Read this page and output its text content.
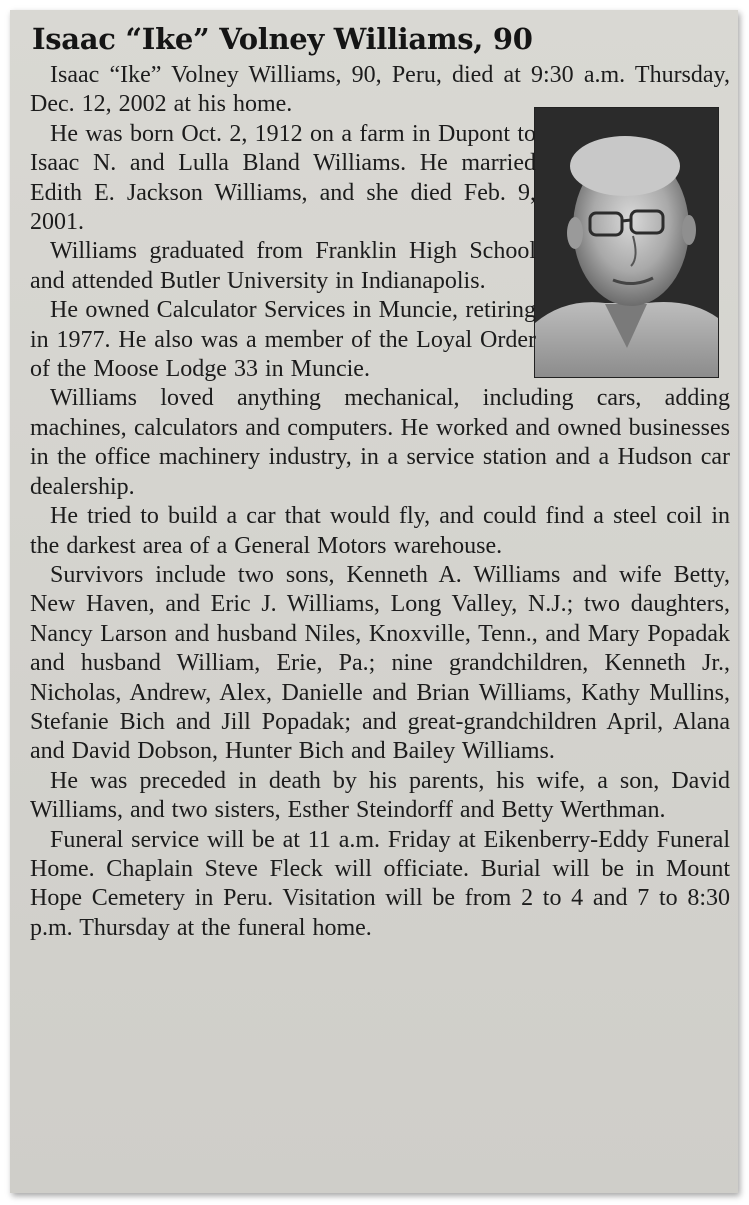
Isaac “Ike” Volney Williams, 90

Isaac “Ike” Volney Williams, 90, Peru, died at 9:30 a.m. Thursday, Dec. 12, 2002 at his home.

He was born Oct. 2, 1912 on a farm in Dupont to Isaac N. and Lulla Bland Williams. He married Edith E. Jackson Williams, and she died Feb. 9, 2001.

Williams graduated from Franklin High School and attended Butler University in Indianapolis.

He owned Calculator Services in Muncie, retiring in 1977. He also was a member of the Loyal Order of the Moose Lodge 33 in Muncie.

Williams loved anything mechanical, including cars, adding machines, calculators and computers. He worked and owned businesses in the office machinery industry, in a service station and a Hudson car dealership.

He tried to build a car that would fly, and could find a steel coil in the darkest area of a General Motors warehouse.

Survivors include two sons, Kenneth A. Williams and wife Betty, New Haven, and Eric J. Williams, Long Valley, N.J.; two daughters, Nancy Larson and husband Niles, Knoxville, Tenn., and Mary Popadak and husband William, Erie, Pa.; nine grandchildren, Kenneth Jr., Nicholas, Andrew, Alex, Danielle and Brian Williams, Kathy Mullins, Stefanie Bich and Jill Popadak; and great-grandchildren April, Alana and David Dobson, Hunter Bich and Bailey Williams.

He was preceded in death by his parents, his wife, a son, David Williams, and two sisters, Esther Steindorff and Betty Werthman.

Funeral service will be at 11 a.m. Friday at Eikenberry-Eddy Funeral Home. Chaplain Steve Fleck will officiate. Burial will be in Mount Hope Cemetery in Peru. Visitation will be from 2 to 4 and 7 to 8:30 p.m. Thursday at the funeral home.
